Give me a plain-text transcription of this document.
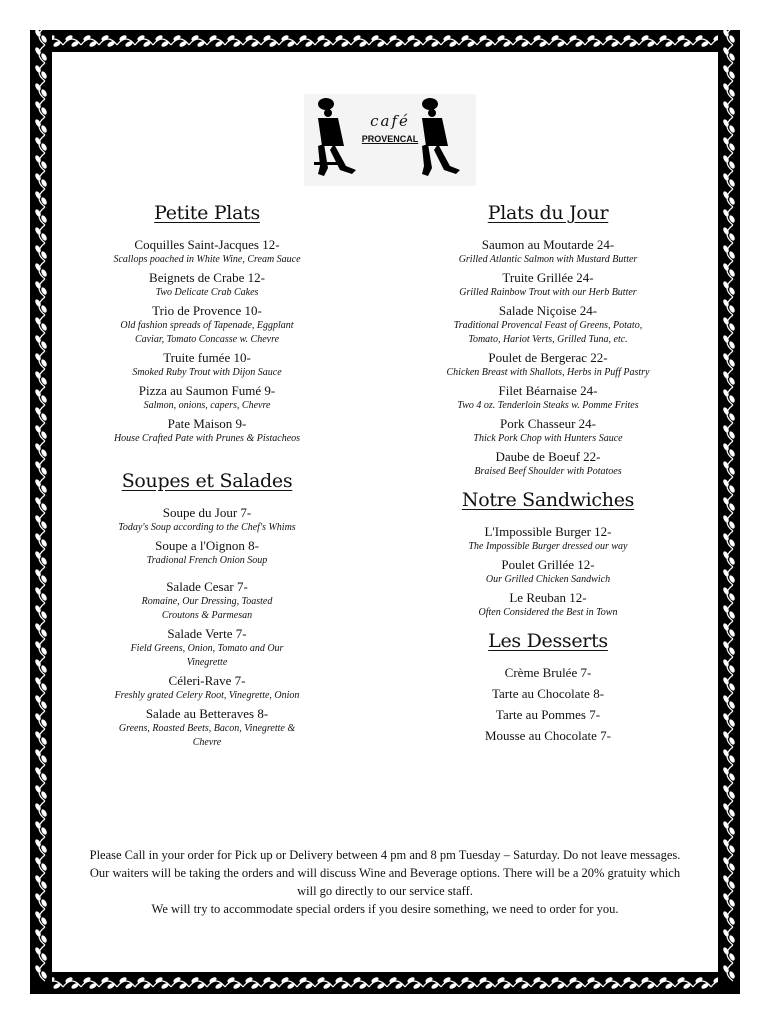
café
PROVENCAL
Petite Plats
Coquilles Saint-Jacques 12-
Scallops poached in White Wine, Cream Sauce
Beignets de Crabe 12-
Two Delicate Crab Cakes
Trio de Provence 10-
Old fashion spreads of Tapenade, Eggplant
Caviar, Tomato Concasse w. Chevre
Truite fumée 10-
Smoked Ruby Trout with Dijon Sauce
Pizza au Saumon Fumé 9-
Salmon, onions, capers, Chevre
Pate Maison 9-
House Crafted Pate with Prunes & Pistacheos
Soupes et Salades
Soupe du Jour 7-
Today's Soup according to the Chef's Whims
Soupe a l'Oignon 8-
Tradional French Onion Soup
Salade Cesar 7-
Romaine, Our Dressing, Toasted
Croutons & Parmesan
Salade Verte 7-
Field Greens, Onion, Tomato and Our
Vinegrette
Céleri-Rave 7-
Freshly grated Celery Root, Vinegrette, Onion
Salade au Betteraves 8-
Greens, Roasted Beets, Bacon, Vinegrette &
Chevre
Plats du Jour
Saumon au Moutarde 24-
Grilled Atlantic Salmon with Mustard Butter
Truite Grillée 24-
Grilled Rainbow Trout with our Herb Butter
Salade Niçoise 24-
Traditional Provencal Feast of Greens, Potato,
Tomato, Hariot Verts, Grilled Tuna, etc.
Poulet de Bergerac 22-
Chicken Breast with Shallots, Herbs in Puff Pastry
Filet Béarnaise 24-
Two 4 oz. Tenderloin Steaks w. Pomme Frites
Pork Chasseur 24-
Thick Pork Chop with Hunters Sauce
Daube de Boeuf 22-
Braised Beef Shoulder with Potatoes
Notre Sandwiches
L'Impossible Burger 12-
The Impossible Burger dressed our way
Poulet Grillée 12-
Our Grilled Chicken Sandwich
Le Reuban 12-
Often Considered the Best in Town
Les Desserts
Crème Brulée 7-
Tarte au Chocolate 8-
Tarte au Pommes 7-
Mousse au Chocolate 7-
Please Call in your order for Pick up or Delivery between 4 pm and 8 pm Tuesday – Saturday. Do not leave messages. Our waiters will be taking the orders and will discuss Wine and Beverage options. There will be a 20% gratuity which will go directly to our service staff.
We will try to accommodate special orders if you desire something, we need to order for you.
